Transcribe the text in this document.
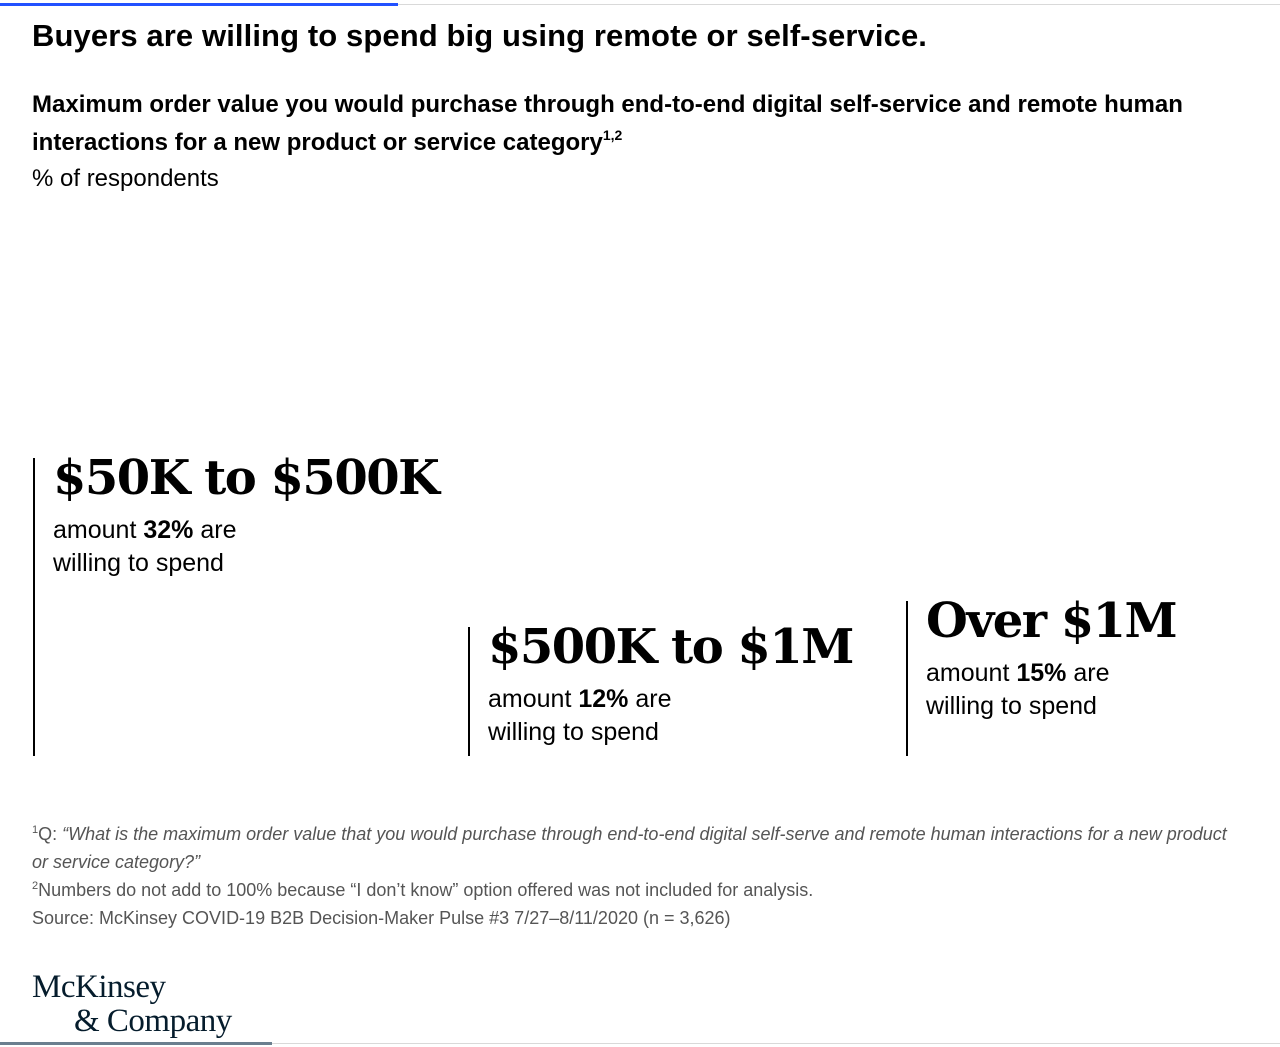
Buyers are willing to spend big using remote or self-service.
Maximum order value you would purchase through end-to-end digital self-service and remote human interactions for a new product or service category$^{1,2}$

% of respondents

$50K to $500K
amount 32% are
willing to spend
$500K to $1M
amount 12% are
willing to spend
Over $1M
amount 15% are
willing to spend

$^1$Q: “What is the maximum order value that you would purchase through end-to-end digital self-serve and remote human interactions for a new product or service category?”

$^2$Numbers do not add to 100% because “I don’t know” option offered was not included for analysis.

Source: McKinsey COVID-19 B2B Decision-Maker Pulse #3 7/27–8/11/2020 (n = 3,626)

McKinsey
& Company
